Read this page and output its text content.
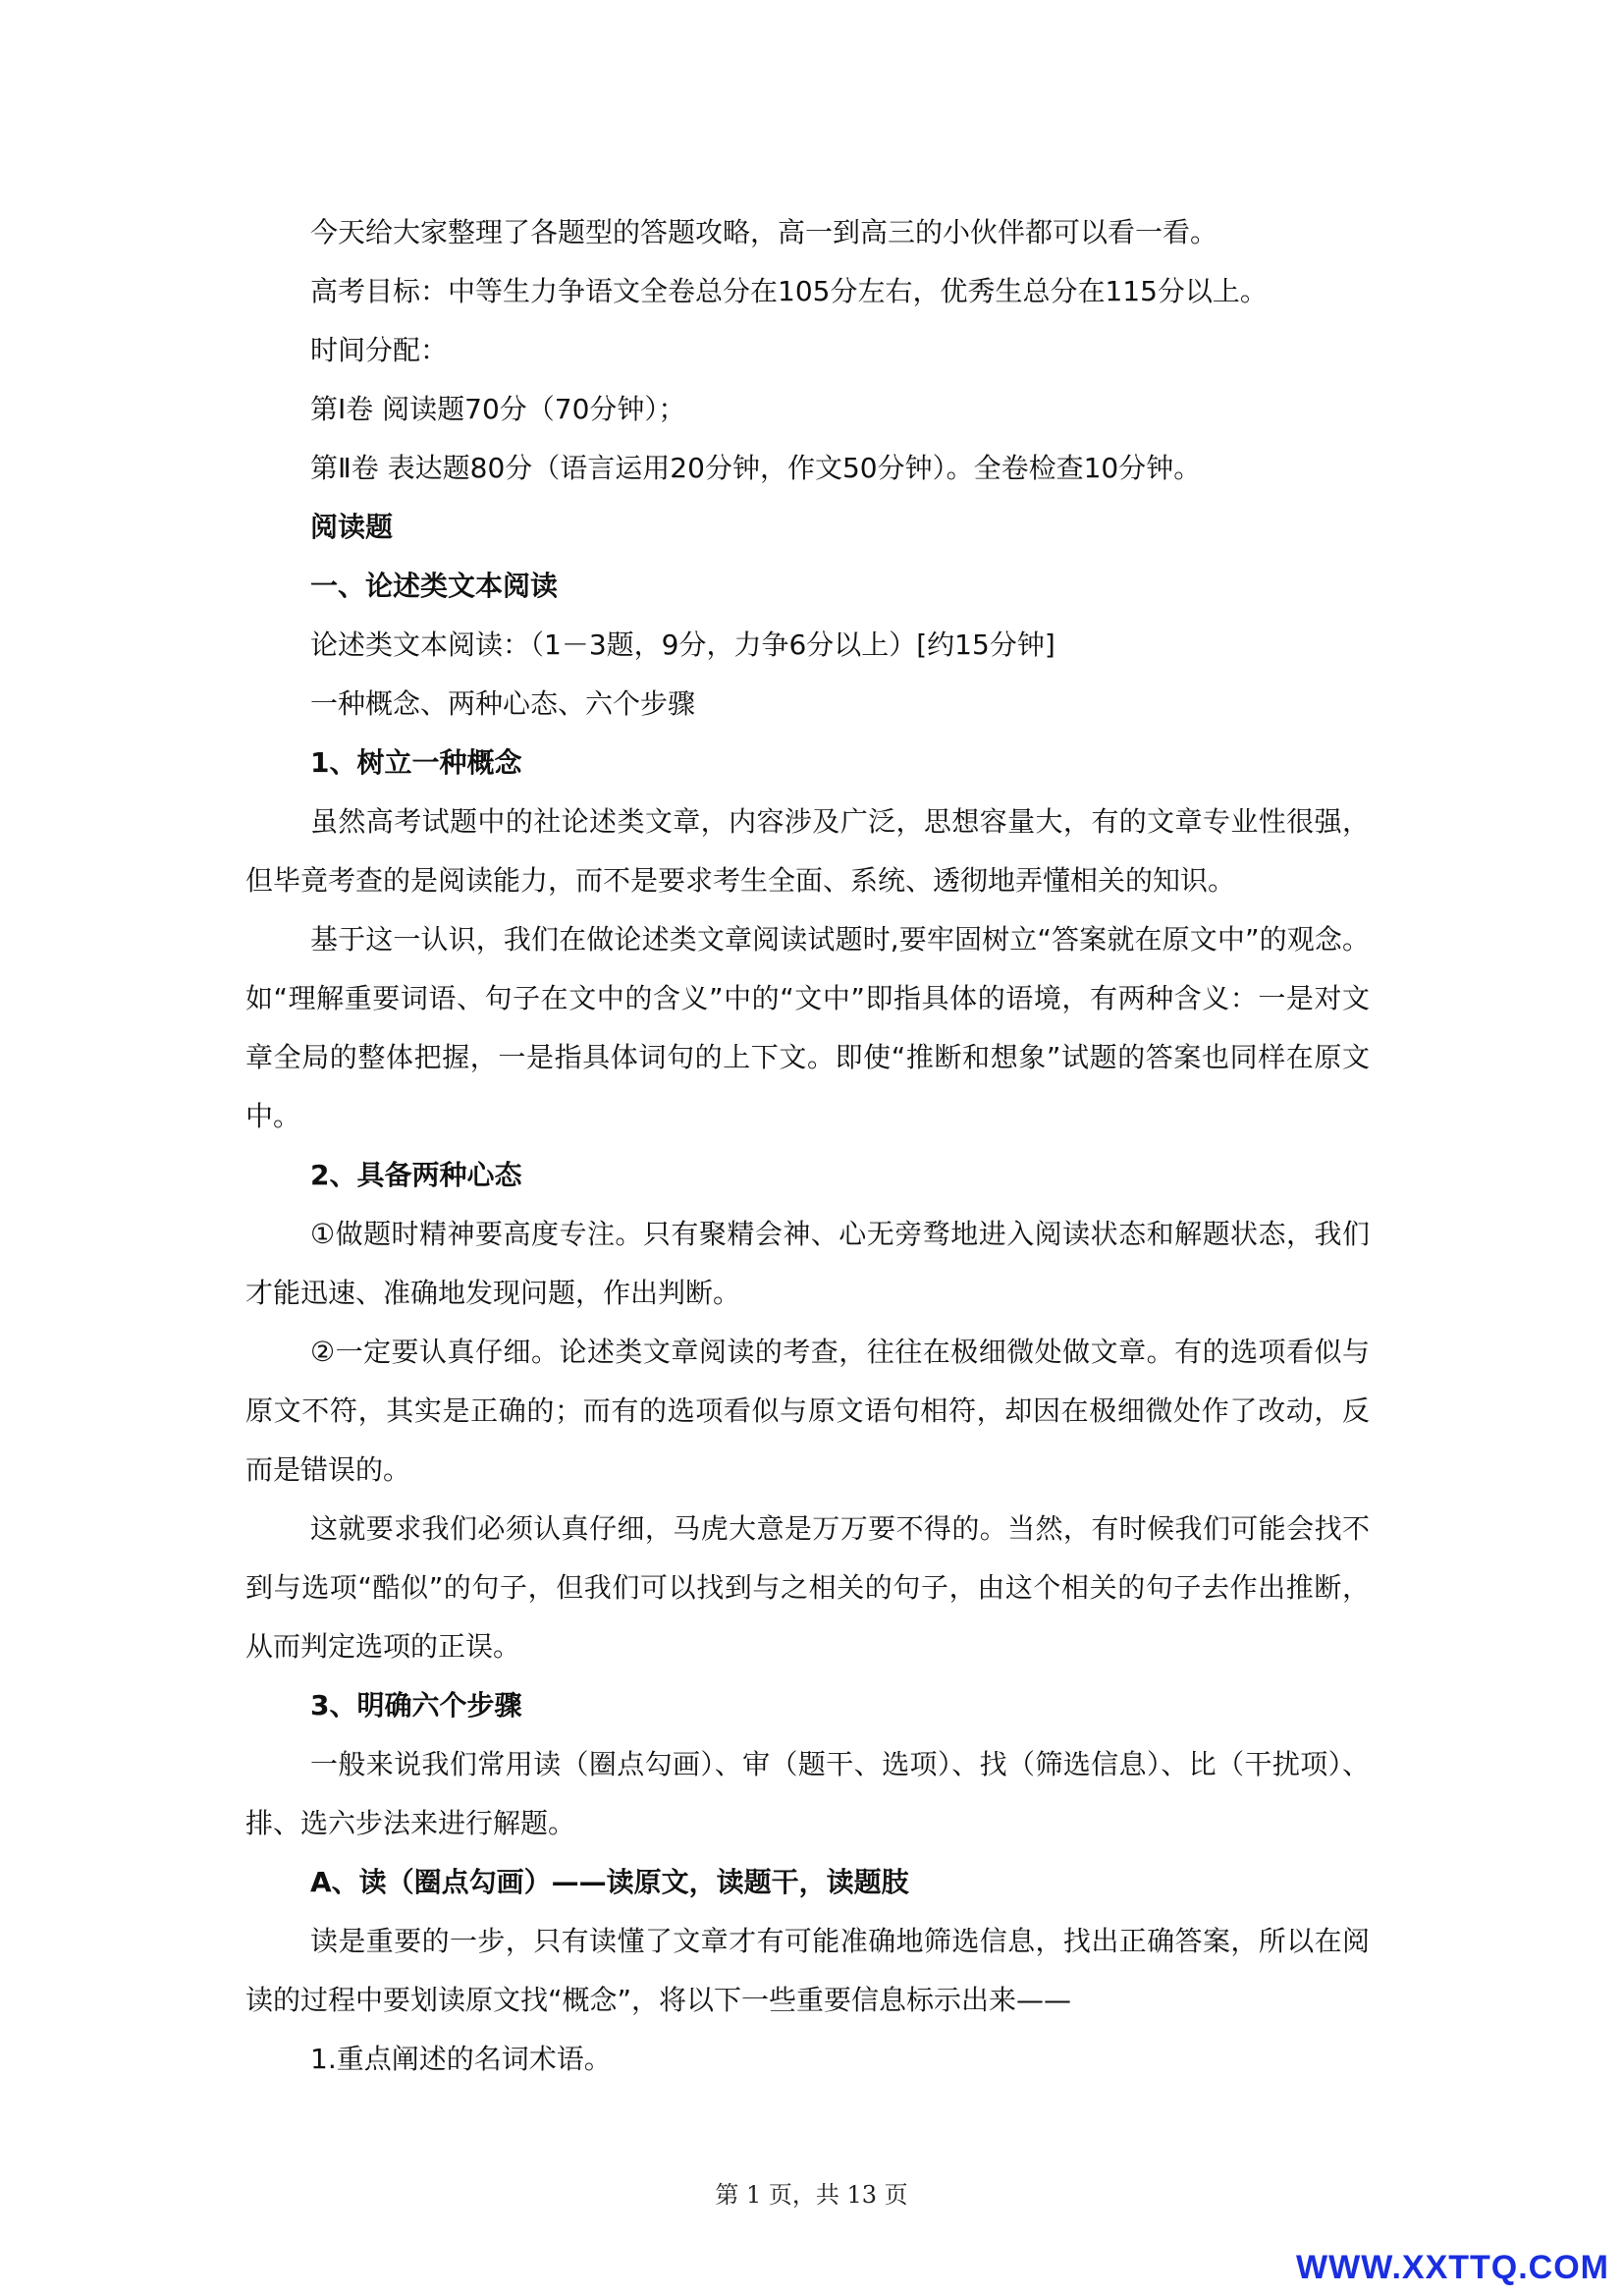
今天给大家整理了各题型的答题攻略，高一到高三的小伙伴都可以看一看。

高考目标：中等生力争语文全卷总分在105分左右，优秀生总分在115分以上。

时间分配：

第Ⅰ卷 阅读题70分（70分钟）；

第Ⅱ卷 表达题80分（语言运用20分钟，作文50分钟）。全卷检查10分钟。

阅读题

一、论述类文本阅读

论述类文本阅读：（1－3题，9分，力争6分以上）[约15分钟]

一种概念、两种心态、六个步骤

1、树立一种概念

虽然高考试题中的社论述类文章，内容涉及广泛，思想容量大，有的文章专业性很强，但毕竟考查的是阅读能力，而不是要求考生全面、系统、透彻地弄懂相关的知识。

基于这一认识，我们在做论述类文章阅读试题时,要牢固树立“答案就在原文中”的观念。如“理解重要词语、句子在文中的含义”中的“文中”即指具体的语境，有两种含义：一是对文章全局的整体把握，一是指具体词句的上下文。即使“推断和想象”试题的答案也同样在原文中。

2、具备两种心态

①做题时精神要高度专注。只有聚精会神、心无旁骛地进入阅读状态和解题状态，我们才能迅速、准确地发现问题，作出判断。

②一定要认真仔细。论述类文章阅读的考查，往往在极细微处做文章。有的选项看似与原文不符，其实是正确的；而有的选项看似与原文语句相符，却因在极细微处作了改动，反而是错误的。

这就要求我们必须认真仔细，马虎大意是万万要不得的。当然，有时候我们可能会找不到与选项“酷似”的句子，但我们可以找到与之相关的句子，由这个相关的句子去作出推断，从而判定选项的正误。

3、明确六个步骤

一般来说我们常用读（圈点勾画）、审（题干、选项）、找（筛选信息）、比（干扰项）、排、选六步法来进行解题。

A、读（圈点勾画）——读原文，读题干，读题肢

读是重要的一步，只有读懂了文章才有可能准确地筛选信息，找出正确答案，所以在阅读的过程中要划读原文找“概念”，将以下一些重要信息标示出来——

1.重点阐述的名词术语。

第 1 页，共 13 页
WWW.XXTTQ.COM
